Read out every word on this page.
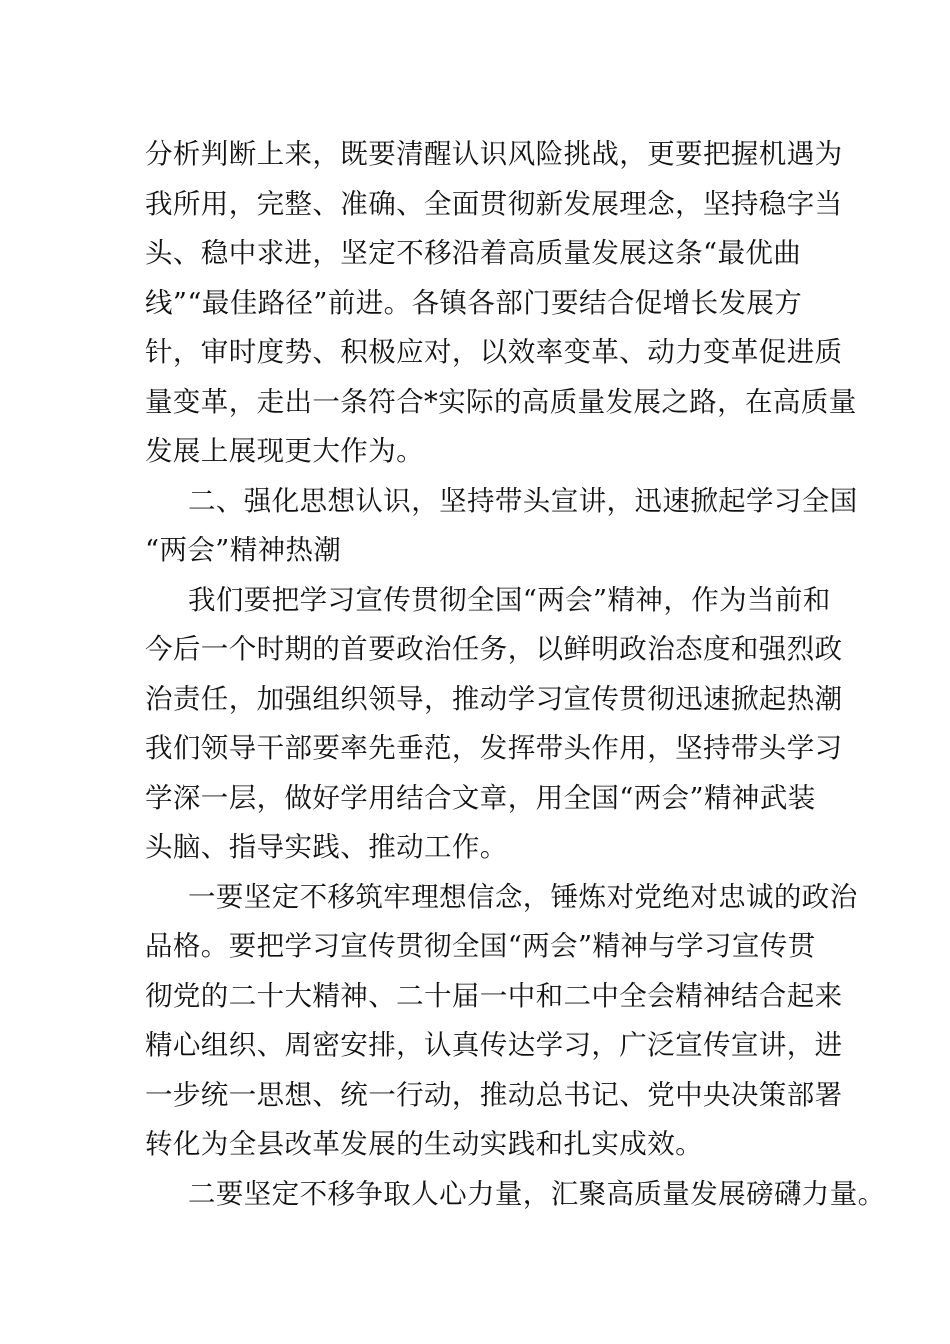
分析判断上来，既要清醒认识风险挑战，更要把握机遇为
我所用，完整、准确、全面贯彻新发展理念，坚持稳字当
头、稳中求进，坚定不移沿着高质量发展这条“最优曲
线”“最佳路径”前进。各镇各部门要结合促增长发展方
针，审时度势、积极应对，以效率变革、动力变革促进质
量变革，走出一条符合*实际的高质量发展之路，在高质量
发展上展现更大作为。
二、强化思想认识，坚持带头宣讲，迅速掀起学习全国
“两会”精神热潮
我们要把学习宣传贯彻全国“两会”精神，作为当前和
今后一个时期的首要政治任务，以鲜明政治态度和强烈政
治责任，加强组织领导，推动学习宣传贯彻迅速掀起热潮
我们领导干部要率先垂范，发挥带头作用，坚持带头学习
学深一层，做好学用结合文章，用全国“两会”精神武装
头脑、指导实践、推动工作。
一要坚定不移筑牢理想信念，锤炼对党绝对忠诚的政治
品格。要把学习宣传贯彻全国“两会”精神与学习宣传贯
彻党的二十大精神、二十届一中和二中全会精神结合起来
精心组织、周密安排，认真传达学习，广泛宣传宣讲，进
一步统一思想、统一行动，推动总书记、党中央决策部署
转化为全县改革发展的生动实践和扎实成效。
二要坚定不移争取人心力量，汇聚高质量发展磅礴力量。
